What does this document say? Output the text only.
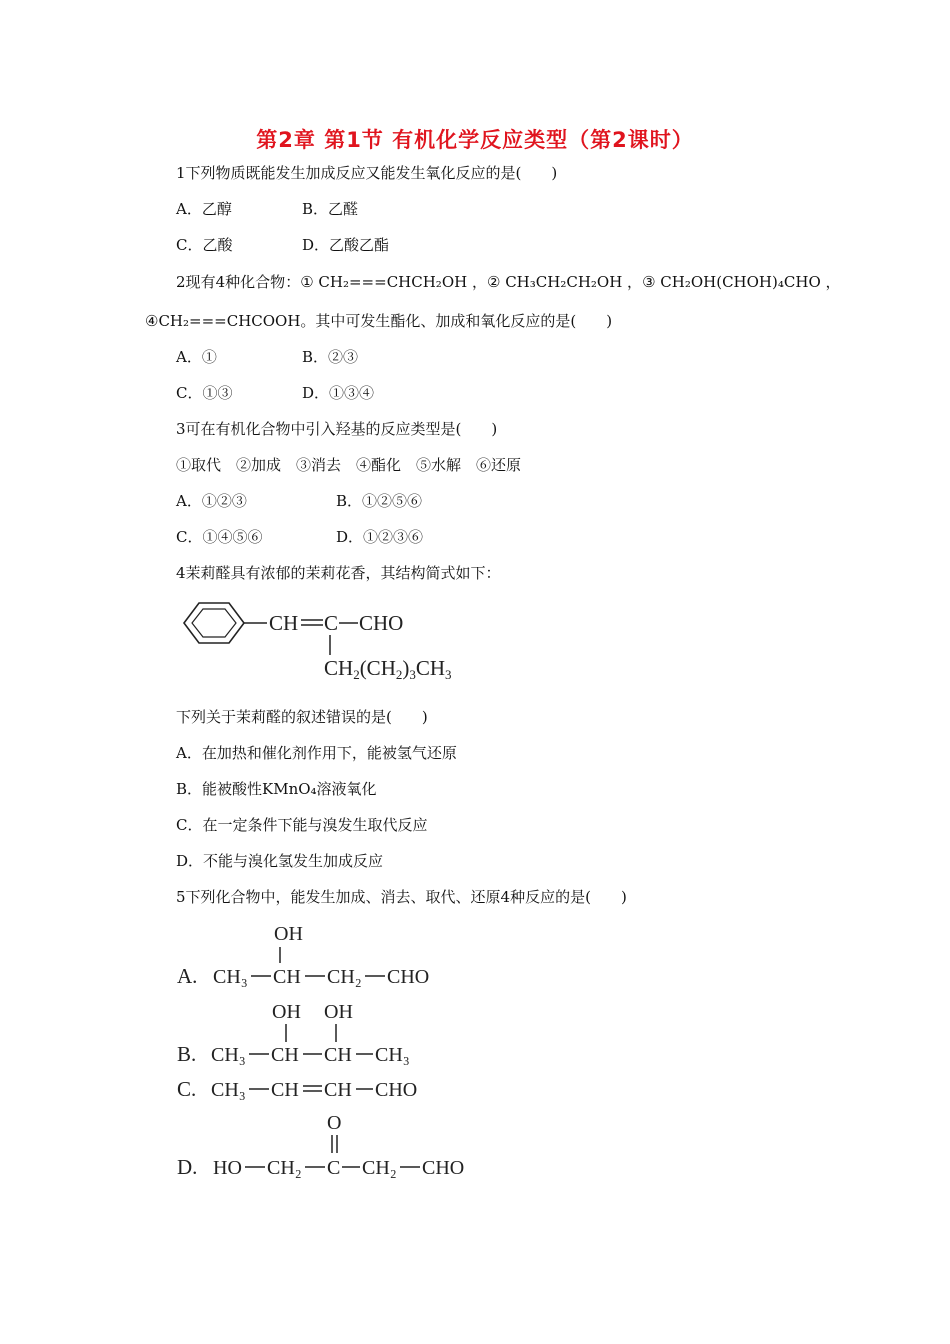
第2章 第1节 有机化学反应类型（第2课时）
1下列物质既能发生加成反应又能发生氧化反应的是(　　)
A．乙醇	B．乙醛
C．乙酸	D．乙酸乙酯
2 现 有 4 种 化 合 物 ： ① CH₂===CHCH₂OH ， ② CH₃CH₂CH₂OH ， ③ CH₂OH(CHOH)₄CHO ，
④CH₂===CHCOOH。其中可发生酯化、加成和氧化反应的是(　　)
A．①	B．②③
C．①③	D．①③④
3可在有机化合物中引入羟基的反应类型是(　　)
①取代　②加成　③消去　④酯化　⑤水解　⑥还原
A．①②③	B．①②⑤⑥
C．①④⑤⑥	D．①②③⑥
4茉莉醛具有浓郁的茉莉花香，其结构简式如下：
CH C CHO
CH2(CH2)3CH3
下列关于茉莉醛的叙述错误的是(　　)
A．在加热和催化剂作用下，能被氢气还原
B．能被酸性KMnO₄溶液氧化
C．在一定条件下能与溴发生取代反应
D．不能与溴化氢发生加成反应
5下列化合物中，能发生加成、消去、取代、还原4种反应的是(　　)
OH
A. CH₃ CH CH₂ CHO
OH OH
B. CH₃ CH CH CH₃
C. CH₃ CH CH CHO
O
D. HO CH₂ C CH₂ CHO
